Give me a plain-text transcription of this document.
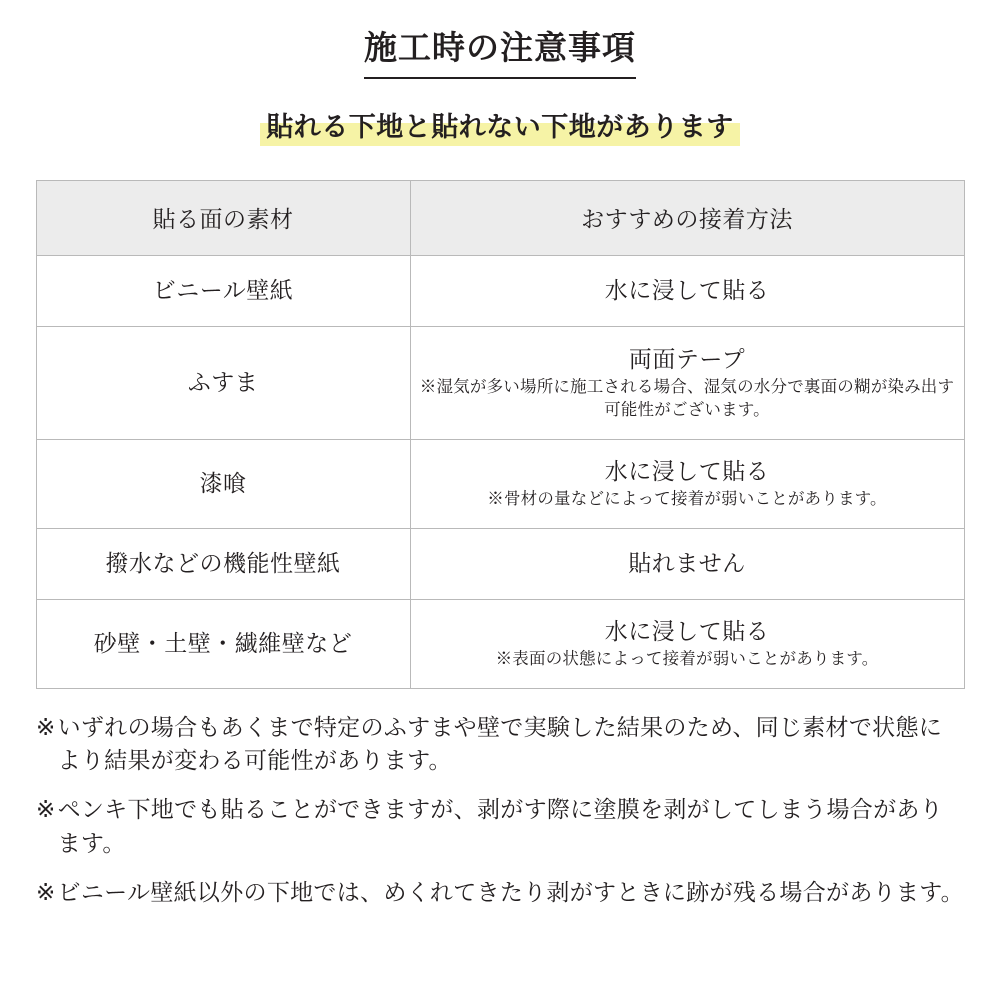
施工時の注意事項
貼れる下地と貼れない下地があります
貼る面の素材	おすすめの接着方法

ビニール壁紙	水に浸して貼る

ふすま	両面テープ
※湿気が多い場所に施工される場合、湿気の水分で裏面の糊が染み出す可能性がございます。

漆喰	水に浸して貼る
※骨材の量などによって接着が弱いことがあります。

撥水などの機能性壁紙	貼れません

砂壁・土壁・繊維壁など	水に浸して貼る
※表面の状態によって接着が弱いことがあります。
※ いずれの場合もあくまで特定のふすまや壁で実験した結果のため、同じ素材で状態により結果が変わる可能性があります。
※ ペンキ下地でも貼ることができますが、剥がす際に塗膜を剥がしてしまう場合があります。
※ ビニール壁紙以外の下地では、めくれてきたり剥がすときに跡が残る場合があります。
